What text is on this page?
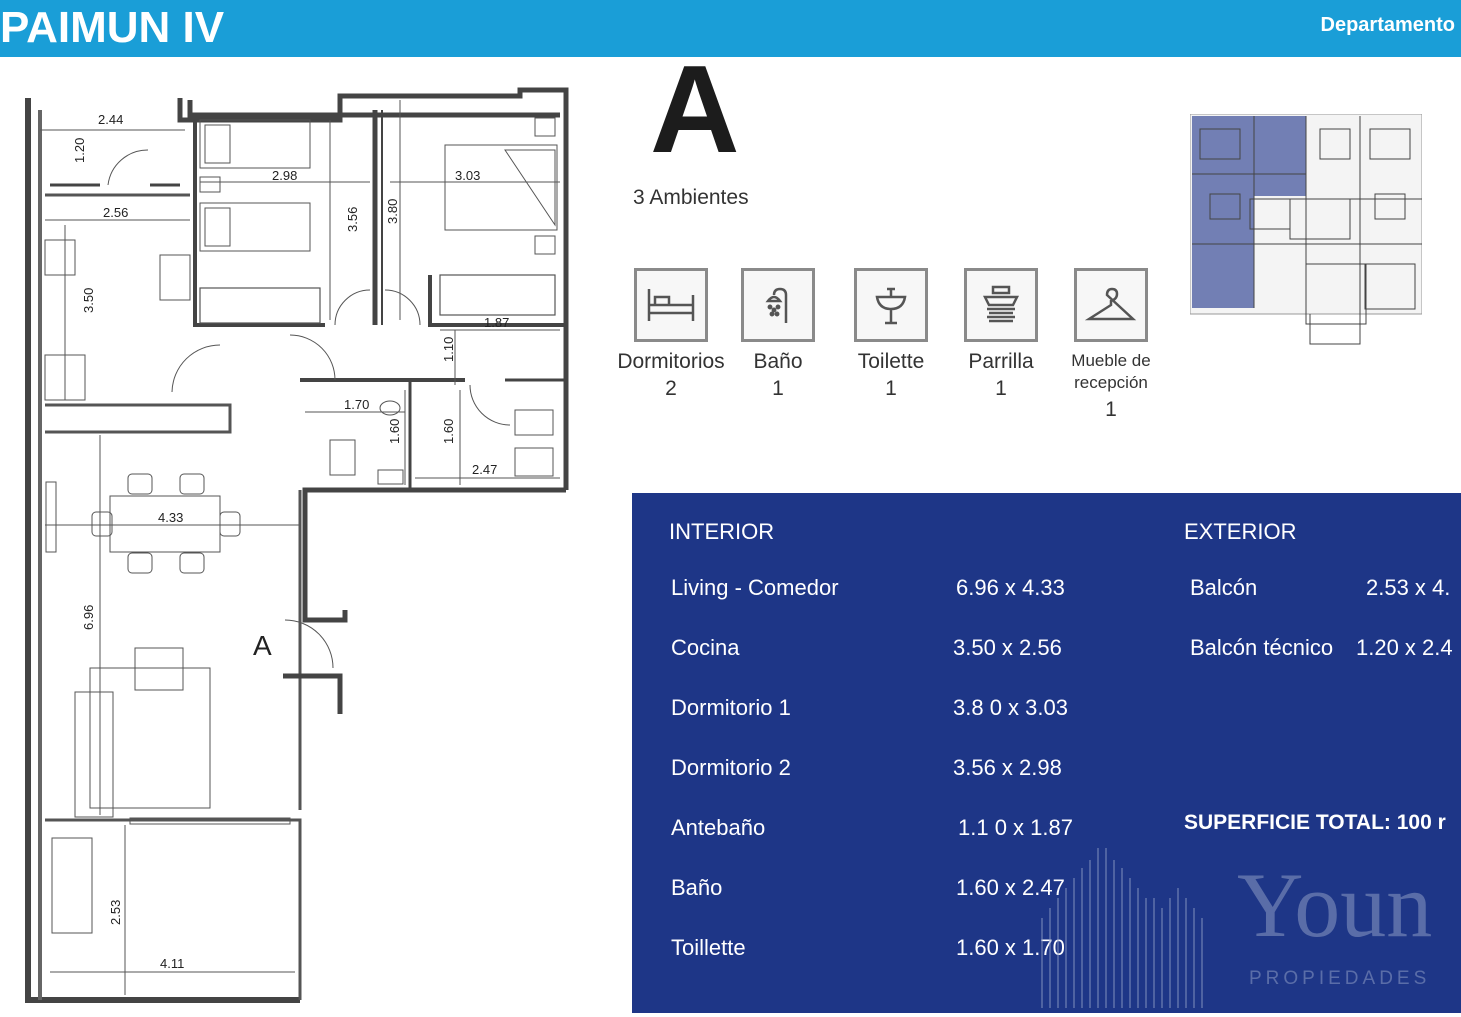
PAIMUN IV	Departamento
2.44
1.20
2.98	3.03
2.56	3.56 3.80
3.50
1.87
1.10
1.70
1.60	1.60
2.47
4.33
6.96
2.53
4.11
A
A
3 Ambientes
Dormitorios
2
Baño
1
Toilette
1
Parrilla
1
Mueble de recepción
1
INTERIOR	EXTERIOR
Living - Comedor	6.96 x 4.33
Cocina	3.50 x 2.56
Dormitorio 1	3.8 0 x 3.03
Dormitorio 2	3.56 x 2.98
Antebaño	1.1 0 x 1.87
Baño	1.60 x 2.47
Toillette	1.60 x 1.70
Balcón	2.53 x 4.
Balcón técnico 1.20 x 2.4
SUPERFICIE TOTAL: 100 r
Youn
PROPIEDADES
